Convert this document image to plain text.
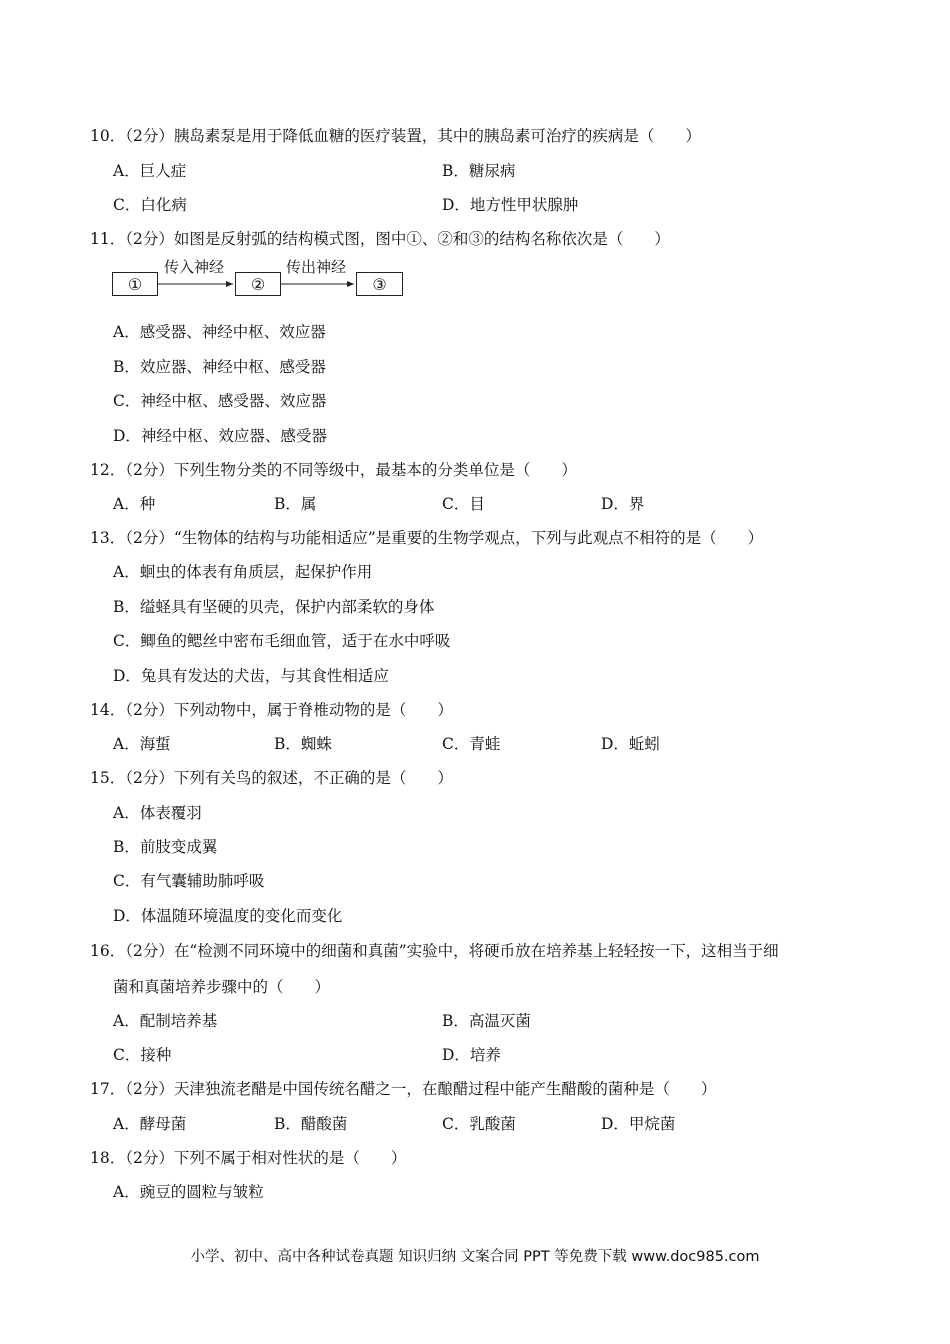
10．（2分）胰岛素泵是用于降低血糖的医疗装置，其中的胰岛素可治疗的疾病是（　　）
A．巨人症	B．糖尿病
C．白化病	D．地方性甲状腺肿
11．（2分）如图是反射弧的结构模式图，图中①、②和③的结构名称依次是（　　）
①	②	③
传入神经	传出神经
A．感受器、神经中枢、效应器
B．效应器、神经中枢、感受器
C．神经中枢、感受器、效应器
D．神经中枢、效应器、感受器
12．（2分）下列生物分类的不同等级中，最基本的分类单位是（　　）
A．种	B．属	C．目	D．界
13．（2分）“生物体的结构与功能相适应”是重要的生物学观点，下列与此观点不相符的是（　　）
A．蛔虫的体表有角质层，起保护作用
B．缢蛏具有坚硬的贝壳，保护内部柔软的身体
C．鲫鱼的鳃丝中密布毛细血管，适于在水中呼吸
D．兔具有发达的犬齿，与其食性相适应
14．（2分）下列动物中，属于脊椎动物的是（　　）
A．海蜇	B．蜘蛛	C．青蛙	D．蚯蚓
15．（2分）下列有关鸟的叙述，不正确的是（　　）
A．体表覆羽
B．前肢变成翼
C．有气囊辅助肺呼吸
D．体温随环境温度的变化而变化
16．（2分）在“检测不同环境中的细菌和真菌”实验中，将硬币放在培养基上轻轻按一下，这相当于细
菌和真菌培养步骤中的（　　）
A．配制培养基	B．高温灭菌
C．接种	D．培养
17．（2分）天津独流老醋是中国传统名醋之一，在酿醋过程中能产生醋酸的菌种是（　　）
A．酵母菌	B．醋酸菌	C．乳酸菌	D．甲烷菌
18．（2分）下列不属于相对性状的是（　　）
A．豌豆的圆粒与皱粒
小学、初中、高中各种试卷真题 知识归纳 文案合同 PPT 等免费下载 www.doc985.com
